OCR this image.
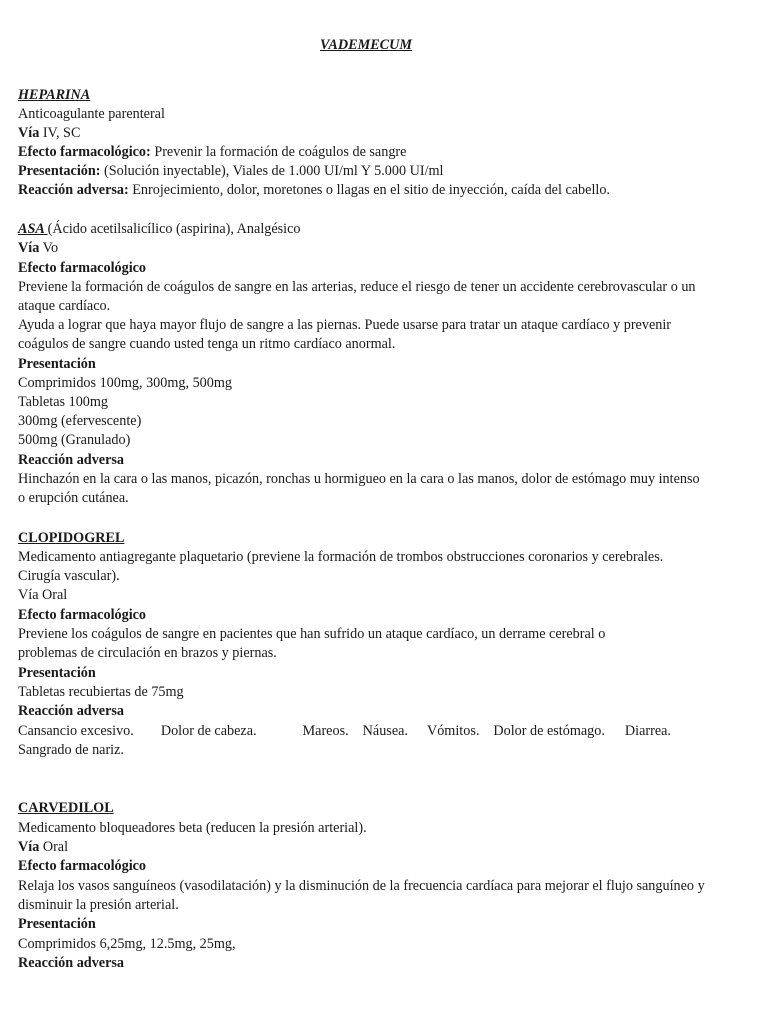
VADEMECUM
HEPARINA
Anticoagulante parenteral
Vía IV, SC
Efecto farmacológico: Prevenir la formación de coágulos de sangre
Presentación: (Solución inyectable), Viales de 1.000 UI/ml Y 5.000 UI/ml
Reacción adversa: Enrojecimiento, dolor, moretones o llagas en el sitio de inyección, caída del cabello.
ASA (Ácido acetilsalicílico (aspirina), Analgésico
Vía Vo
Efecto farmacológico
Previene la formación de coágulos de sangre en las arterias, reduce el riesgo de tener un accidente cerebrovascular o un
ataque cardíaco.
Ayuda a lograr que haya mayor flujo de sangre a las piernas. Puede usarse para tratar un ataque cardíaco y prevenir
coágulos de sangre cuando usted tenga un ritmo cardíaco anormal.
Presentación
Comprimidos 100mg, 300mg, 500mg
Tabletas 100mg
300mg (efervescente)
500mg (Granulado)
Reacción adversa
Hinchazón en la cara o las manos, picazón, ronchas u hormigueo en la cara o las manos, dolor de estómago muy intenso
o erupción cutánea.
CLOPIDOGREL
Medicamento antiagregante plaquetario (previene la formación de trombos obstrucciones coronarios y cerebrales.
Cirugía vascular).
Vía Oral
Efecto farmacológico
Previene los coágulos de sangre en pacientes que han sufrido un ataque cardíaco, un derrame cerebral o
problemas de circulación en brazos y piernas.
Presentación
Tabletas recubiertas de 75mg
Reacción adversa
Cansancio excesivo. Dolor de cabeza.	Mareos. Náusea. Vómitos. Dolor de estómago. Diarrea.
Sangrado de nariz.
CARVEDILOL
Medicamento bloqueadores beta (reducen la presión arterial).
Vía Oral
Efecto farmacológico
Relaja los vasos sanguíneos (vasodilatación) y la disminución de la frecuencia cardíaca para mejorar el flujo sanguíneo y
disminuir la presión arterial.
Presentación
Comprimidos 6,25mg, 12.5mg, 25mg,
Reacción adversa
